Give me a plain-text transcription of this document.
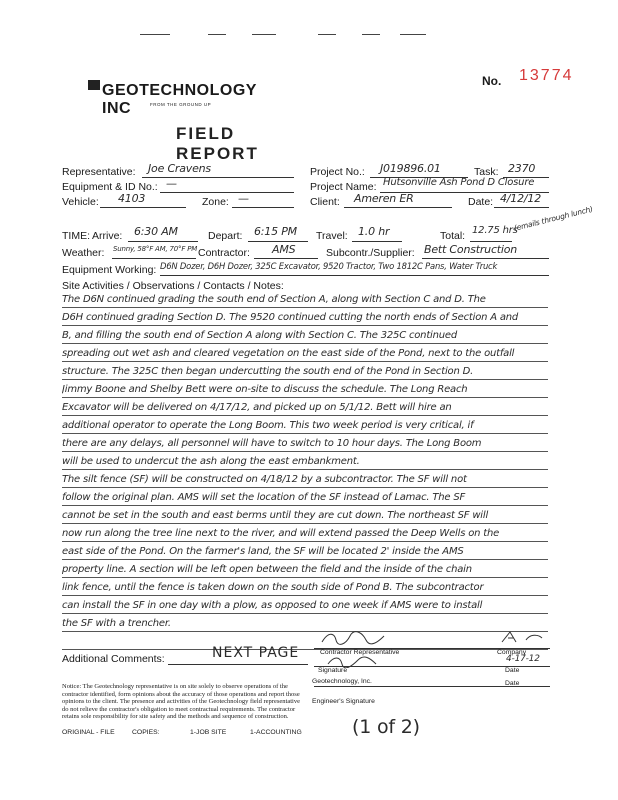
GEOTECHNOLOGY INC	FROM THE GROUND UP
FIELD REPORT
No. 13774
Representative: Joe Cravens	Project No.: J019896.01	Task: 2370
Equipment & ID No.: —	Project Name: Hutsonville Ash Pond D Closure
Vehicle: 4103	Zone: —	Client: Ameren ER	Date: 4/12/12
TIME: Arrive: 6:30 AM	Depart: 6:15 PM Travel: 1.0 hr	Total: 12.75 hrs
(emails through lunch)
Weather: Sunny, 58°F AM, 70°F PM Contractor: AMS	Subcontr./Supplier: Bett Construction
Equipment Working: D6N Dozer, D6H Dozer, 325C Excavator, 9520 Tractor, Two 1812C Pans, Water Truck
Site Activities / Observations / Contacts / Notes:
The D6N continued grading the south end of Section A, along with Section C and D. The
D6H continued grading Section D. The 9520 continued cutting the north ends of Section A and
B, and filling the south end of Section A along with Section C. The 325C continued
spreading out wet ash and cleared vegetation on the east side of the Pond, next to the outfall
structure. The 325C then began undercutting the south end of the Pond in Section D.
Jimmy Boone and Shelby Bett were on-site to discuss the schedule. The Long Reach
Excavator will be delivered on 4/17/12, and picked up on 5/1/12. Bett will hire an
additional operator to operate the Long Boom. This two week period is very critical, if
there are any delays, all personnel will have to switch to 10 hour days. The Long Boom
will be used to undercut the ash along the east embankment.
The silt fence (SF) will be constructed on 4/18/12 by a subcontractor. The SF will not
follow the original plan. AMS will set the location of the SF instead of Lamac. The SF
cannot be set in the south and east berms until they are cut down. The northeast SF will
now run along the tree line next to the river, and will extend passed the Deep Wells on the
east side of the Pond. On the farmer's land, the SF will be located 2' inside the AMS
property line. A section will be left open between the field and the inside of the chain
link fence, until the fence is taken down on the south side of Pond B. The subcontractor
can install the SF in one day with a plow, as opposed to one week if AMS were to install
the SF with a trencher.
Additional Comments:	NEXT PAGE	Contractor Representative	Company
4-17-12
Signature	Date
Geotechnology, Inc.	Date
Engineer's Signature
Notice: The Geotechnology representative is on site solely to observe operations of the contractor identified, form opinions about the accuracy of those operations and report those opinions to the client. The presence and activities of the Geotechnology field representative do not relieve the contractor's obligation to meet contractual requirements. The contractor retains sole responsibility for site safety and the methods and sequence of construction.
ORIGINAL - FILE	COPIES:	1-JOB SITE	1-ACCOUNTING	(1 of 2)
